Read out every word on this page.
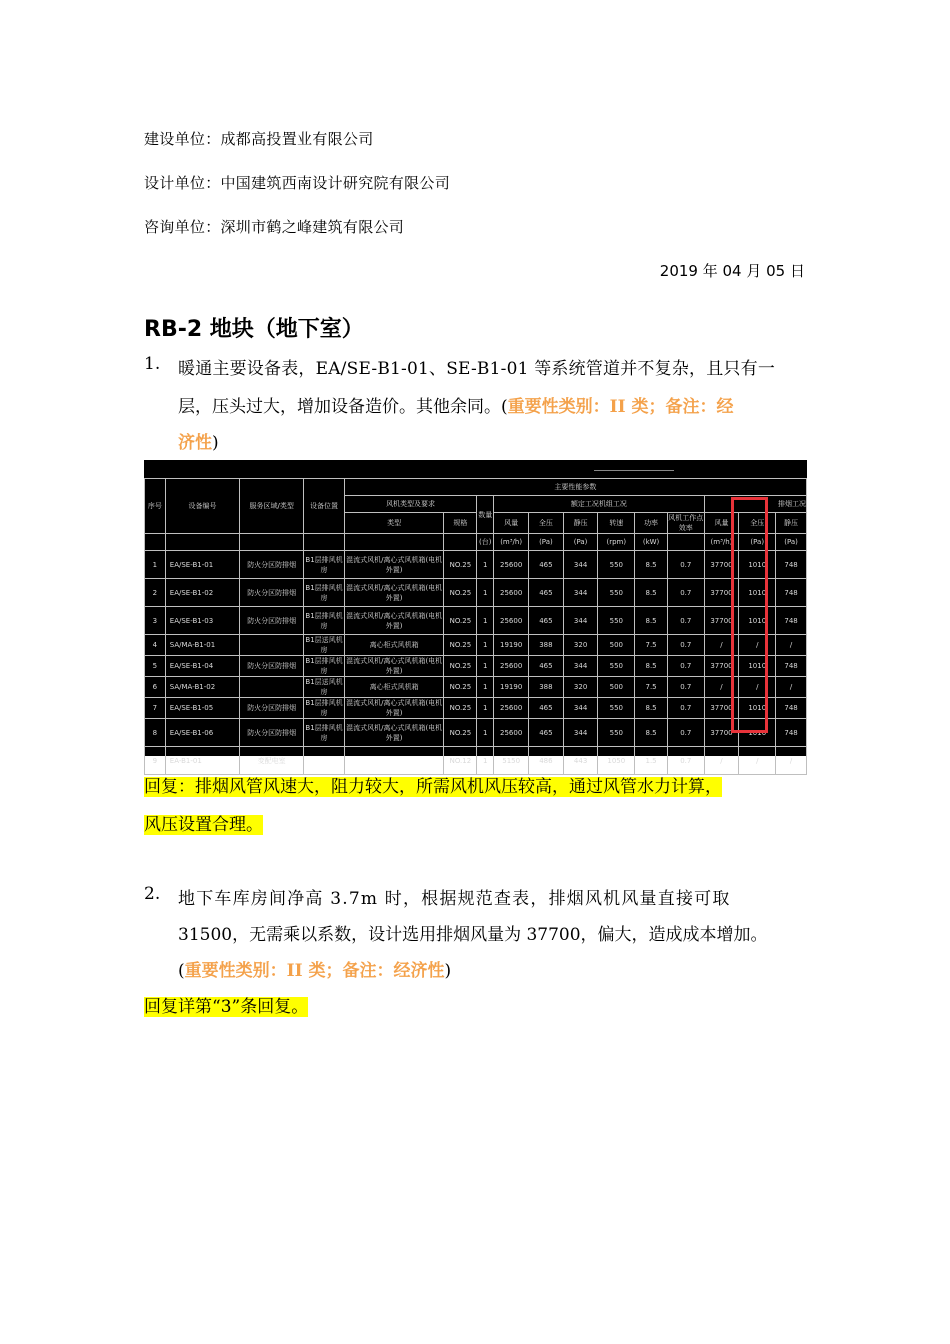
建设单位：成都高投置业有限公司
设计单位：中国建筑西南设计研究院有限公司
咨询单位：深圳市鹤之峰建筑有限公司
2019 年 04 月 05 日
RB-2 地块（地下室）
1. 暖通主要设备表，EA/SE-B1-01、SE-B1-01 等系统管道并不复杂，且只有一
层，压头过大，增加设备造价。其他余同。(重要性类别：II 类；备注：经
济性)
序号	设备编号	服务区域/类型	设备位置	主要性能参数											
				风机类型及要求		数量	额定工况机组工况						排烟工况		
				类型	规格		风量	全压	静压	转速	功率	风机工作点效率	风量	全压	静压
						(台)	(m³/h)	(Pa)	(Pa)	(rpm)	(kW)		(m³/h)	(Pa)	(Pa)
1	EA/SE-B1-01	防火分区防排烟	B1层排风机房	混流式风机/离心式风机箱(电机外置)	NO.25	1	25600	465	344	550	8.5	0.7	37700	1010	748
2	EA/SE-B1-02	防火分区防排烟	B1层排风机房	混流式风机/离心式风机箱(电机外置)	NO.25	1	25600	465	344	550	8.5	0.7	37700	1010	748
3	EA/SE-B1-03	防火分区防排烟	B1层排风机房	混流式风机/离心式风机箱(电机外置)	NO.25	1	25600	465	344	550	8.5	0.7	37700	1010	748
4	SA/MA-B1-01		B1层送风机房	离心柜式风机箱	NO.25	1	19190	388	320	500	7.5	0.7	/	/	/
5	EA/SE-B1-04	防火分区防排烟	B1层排风机房	混流式风机/离心式风机箱(电机外置)	NO.25	1	25600	465	344	550	8.5	0.7	37700	1010	748
6	SA/MA-B1-02		B1层送风机房	离心柜式风机箱	NO.25	1	19190	388	320	500	7.5	0.7	/	/	/
7	EA/SE-B1-05	防火分区防排烟	B1层排风机房	混流式风机/离心式风机箱(电机外置)	NO.25	1	25600	465	344	550	8.5	0.7	37700	1010	748
8	EA/SE-B1-06	防火分区防排烟	B1层排风机房	混流式风机/离心式风机箱(电机外置)	NO.25	1	25600	465	344	550	8.5	0.7	37700	1010	748
9	EA-B1-01	变配电室			NO.12	1	5150	486	443	1050	1.5	0.7	/	/	/
回复：排烟风管风速大，阻力较大，所需风机风压较高，通过风管水力计算，
风压设置合理。
2. 地下车库房间净高 3.7m 时，根据规范查表，排烟风机风量直接可取
31500，无需乘以系数，设计选用排烟风量为 37700，偏大，造成成本增加。
(重要性类别：II 类；备注：经济性)
回复详第“3”条回复。
